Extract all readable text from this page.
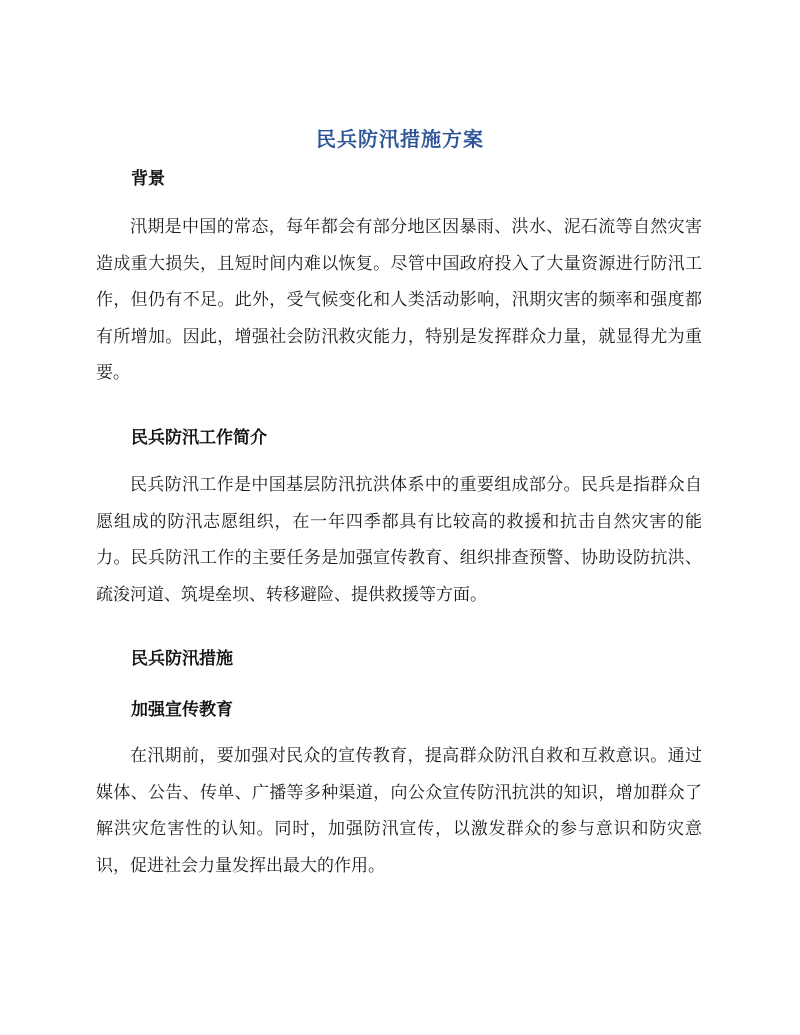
民兵防汛措施方案
背景

汛期是中国的常态，每年都会有部分地区因暴雨、洪水、泥石流等自然灾害造成重大损失，且短时间内难以恢复。尽管中国政府投入了大量资源进行防汛工作，但仍有不足。此外，受气候变化和人类活动影响，汛期灾害的频率和强度都有所增加。因此，增强社会防汛救灾能力，特别是发挥群众力量，就显得尤为重要。

民兵防汛工作简介

民兵防汛工作是中国基层防汛抗洪体系中的重要组成部分。民兵是指群众自愿组成的防汛志愿组织，在一年四季都具有比较高的救援和抗击自然灾害的能力。民兵防汛工作的主要任务是加强宣传教育、组织排查预警、协助设防抗洪、疏浚河道、筑堤垒坝、转移避险、提供救援等方面。

民兵防汛措施
加强宣传教育

在汛期前，要加强对民众的宣传教育，提高群众防汛自救和互救意识。通过媒体、公告、传单、广播等多种渠道，向公众宣传防汛抗洪的知识，增加群众了解洪灾危害性的认知。同时，加强防汛宣传，以激发群众的参与意识和防灾意识，促进社会力量发挥出最大的作用。
